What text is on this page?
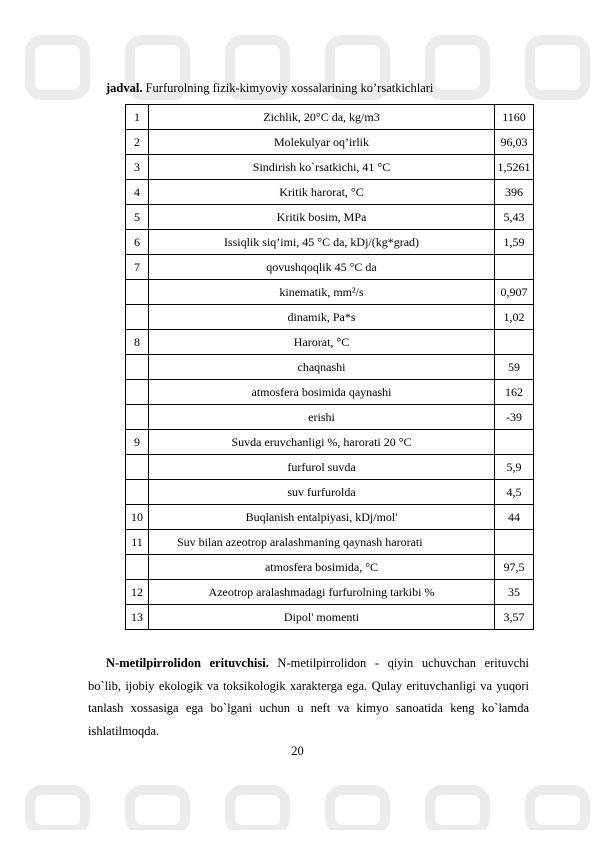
jadval. Furfurolning fizik-kimyoviy xossalarining ko’rsatkichlari
1	Zichlik, 20°C da, kg/m3	1160
2	Molekulyar oq’irlik	96,03
3	Sindirish ko`rsatkichi, 41 °C	1,5261
4	Kritik harorat, °C	396
5	Kritik bosim, MPa	5,43
6	Issiqlik siq’imi, 45 °C da, kDj/(kg*grad)	1,59
7	qovushqoqlik 45 °C da	
	kinematik, mm²/s	0,907
	dinamik, Pa*s	1,02
8	Harorat, °C	
	chaqnashi	59
	atmosfera bosimida qaynashi	162
	erishi	-39
9	Suvda eruvchanligi %, harorati 20 °C	
	furfurol suvda	5,9
	suv furfurolda	4,5
10	Buqlanish entalpiyasi, kDj/mol'	44
11	Suv bilan azeotrop aralashmaning qaynash harorati	
	atmosfera bosimida, °C	97,5
12	Azeotrop aralashmadagi furfurolning tarkibi %	35
13	Dipol' momenti	3,57
N-metilpirrolidon erituvchisi. N-metilpirrolidon - qiyin uchuvchan erituvchi bo`lib, ijobiy ekologik va toksikologik xarakterga ega. Qulay erituvchanligi va yuqori tanlash xossasiga ega bo`lgani uchun u neft va kimyo sanoatida keng ko`lamda ishlatilmoqda.
20
